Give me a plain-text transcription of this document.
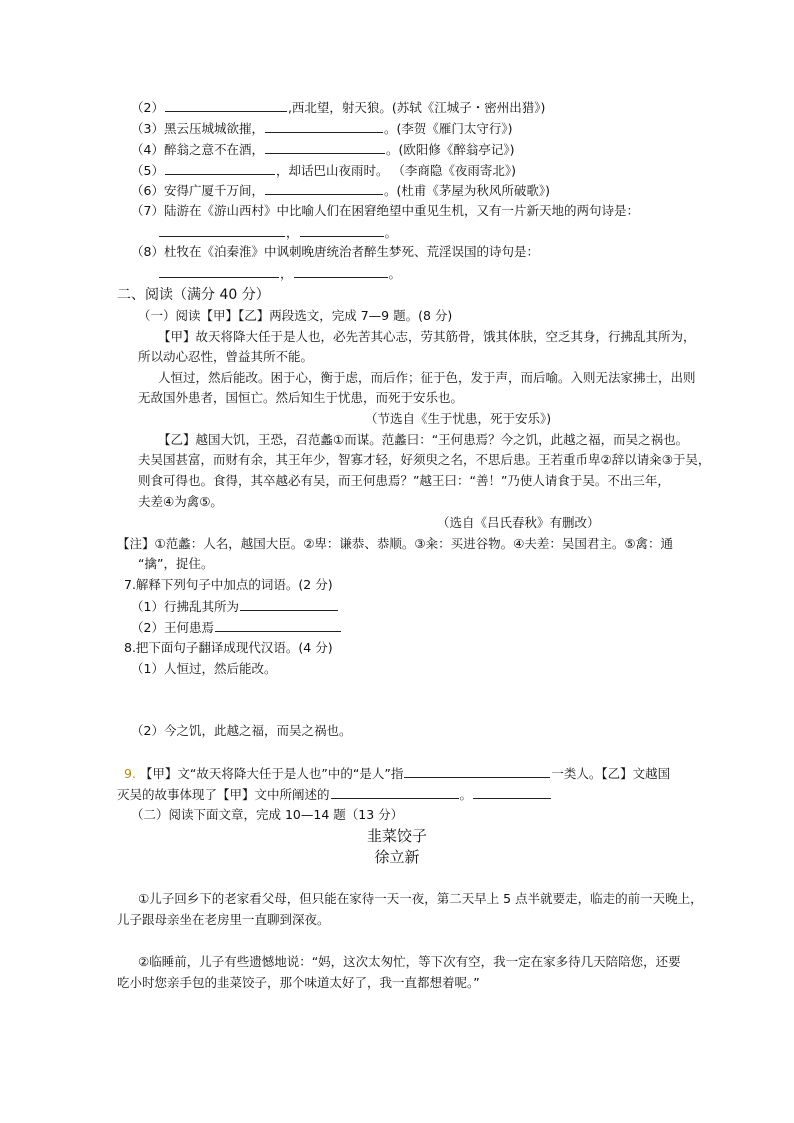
（2）	,西北望，射天狼。(苏轼《江城子・密州出猎》)
（3）黑云压城城欲摧，	。(李贺《雁门太守行》)
（4）醉翁之意不在酒，	。(欧阳修《醉翁亭记》)
（5）	，却话巴山夜雨时。 （李商隐《夜雨寄北》)
（6）安得广厦千万间，	。(杜甫《茅屋为秋风所破歌》)
（7）陆游在《游山西村》中比喻人们在困窘绝望中重见生机，又有一片新天地的两句诗是：
，	。
（8）杜牧在《泊秦淮》中讽刺晚唐统治者醉生梦死、荒淫误国的诗句是：
，	。
二、阅读（满分 40 分）
（一）阅读【甲】【乙】两段选文，完成 7—9 题。(8 分)
【甲】故天将降大任于是人也，必先苦其心志，劳其筋骨，饿其体肤，空乏其身，行拂乱其所为，
所以动心忍性，曾益其所不能。
人恒过，然后能改。困于心，衡于虑，而后作；征于色，发于声，而后喻。入则无法家拂士，出则
无敌国外患者，国恒亡。然后知生于忧患，而死于安乐也。
（节选自《生于忧患，死于安乐》)
【乙】越国大饥，王恐，召范蠡①而谋。范蠡曰：“王何患焉？今之饥，此越之福，而吴之祸也。
夫吴国甚富，而财有余，其王年少，智寡才轻，好须臾之名，不思后患。王若重币卑②辞以请籴③于吴，
则食可得也。食得，其卒越必有吴，而王何患焉？”越王曰：“善！”乃使人请食于吴。不出三年，
夫差④为禽⑤。
（选自《吕氏春秋》有删改）
【注】①范蠡：人名，越国大臣。②卑：谦恭、恭顺。③籴：买进谷物。④夫差：吴国君主。⑤禽：通
“擒”，捉住。
7.解释下列句子中加点的词语。(2 分)
（1）行拂乱其所为
（2）王何患焉
8.把下面句子翻译成现代汉语。(4 分)
（1）人恒过，然后能改。
（2）今之饥，此越之福，而吴之祸也。
9. 【甲】文“故天将降大任于是人也”中的“是人”指	一类人。【乙】文越国
灭吴的故事体现了【甲】文中所阐述的	。
（二）阅读下面文章，完成 10—14 题（13 分）
韭菜饺子
徐立新
①儿子回乡下的老家看父母，但只能在家待一天一夜，第二天早上 5 点半就要走，临走的前一天晚上，
儿子跟母亲坐在老房里一直聊到深夜。
②临睡前，儿子有些遗憾地说：“妈，这次太匆忙，等下次有空，我一定在家多待几天陪陪您，还要
吃小时您亲手包的韭菜饺子，那个味道太好了，我一直都想着呢。”
